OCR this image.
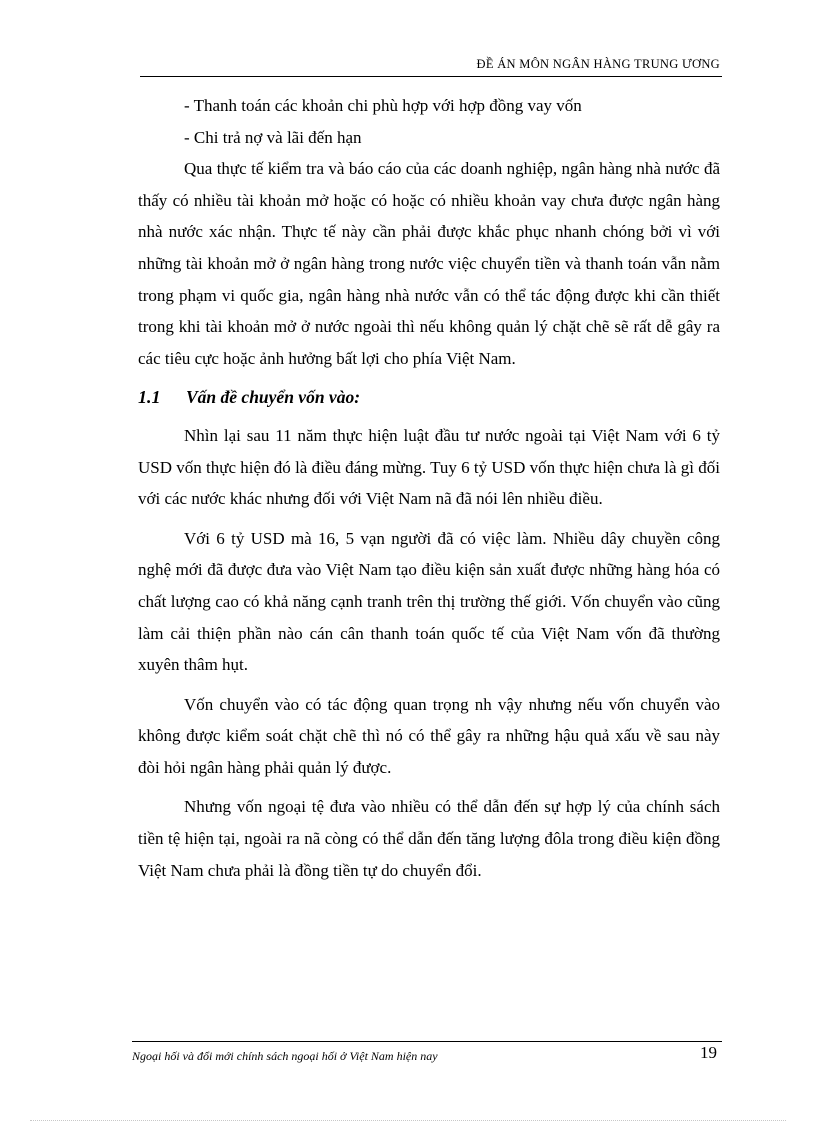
ĐỀ ÁN MÔN NGÂN HÀNG TRUNG ƯƠNG

- Thanh toán các khoản chi phù hợp với hợp đồng vay vốn

- Chi trả nợ và lãi đến hạn

Qua thực tế kiểm tra và báo cáo của các doanh nghiệp, ngân hàng nhà nước đã thấy có nhiều tài khoản mở hoặc có hoặc có nhiều khoản vay chưa được ngân hàng nhà nước xác nhận. Thực tế này cần phải được khắc phục nhanh chóng bởi vì với những tài khoản mở ở ngân hàng trong nước việc chuyển tiền và thanh toán vẫn nằm trong phạm vi quốc gia, ngân hàng nhà nước vẫn có thể tác động được khi cần thiết trong khi tài khoản mở ở nước ngoài thì nếu không quản lý chặt chẽ sẽ rất dễ gây ra các tiêu cực hoặc ảnh hưởng bất lợi cho phía Việt Nam.

1.1	Vấn đề chuyển vốn vào:

Nhìn lại sau 11 năm thực hiện luật đầu tư nước ngoài tại Việt Nam với 6 tỷ USD vốn thực hiện đó là điều đáng mừng. Tuy 6 tỷ USD vốn thực hiện chưa là gì đối với các nước khác nhưng đối với Việt Nam nã đã nói lên nhiều điều.

Với 6 tỷ USD mà 16, 5 vạn người đã có việc làm. Nhiều dây chuyền công nghệ mới đã được đưa vào Việt Nam tạo điều kiện sản xuất được những hàng hóa có chất lượng cao có khả năng cạnh tranh trên thị trường thế giới. Vốn chuyển vào cũng làm cải thiện phần nào cán cân thanh toán quốc tế của Việt Nam vốn đã thường xuyên thâm hụt.

Vốn chuyển vào có tác động quan trọng nh vậy nhưng nếu vốn chuyển vào không được kiểm soát chặt chẽ thì nó có thể gây ra những hậu quả xấu về sau này đòi hỏi ngân hàng phải quản lý được.

Nhưng vốn ngoại tệ đưa vào nhiều có thể dẫn đến sự hợp lý của chính sách tiền tệ hiện tại, ngoài ra nã còng có thể dẫn đến tăng lượng đôla trong điều kiện đồng Việt Nam chưa phải là đồng tiền tự do chuyển đổi.

Ngoại hối và đổi mới chính sách ngoại hối ở Việt Nam hiện nay	19
